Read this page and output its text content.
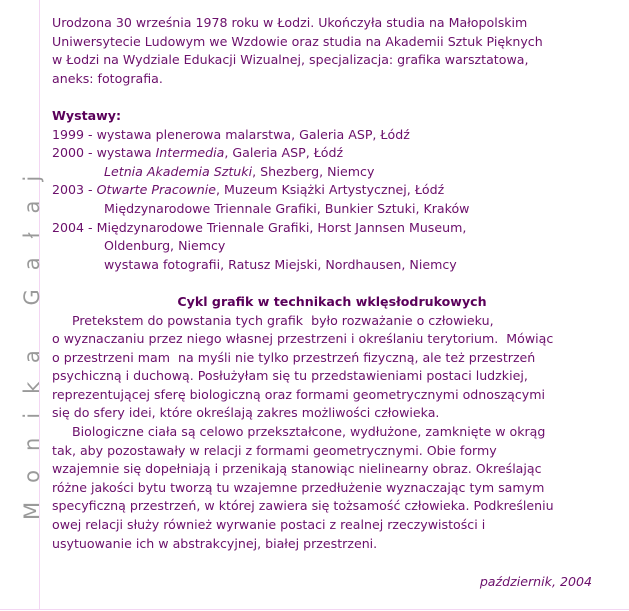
Monika Gałaj
Urodzona 30 września 1978 roku w Łodzi. Ukończyła studia na Małopolskim
Uniwersytecie Ludowym we Wzdowie oraz studia na Akademii Sztuk Pięknych
w Łodzi na Wydziale Edukacji Wizualnej, specjalizacja: grafika warsztatowa,
aneks: fotografia.
Wystawy:
1999 - wystawa plenerowa malarstwa, Galeria ASP, Łódź
2000 - wystawa Intermedia, Galeria ASP, Łódź
Letnia Akademia Sztuki, Shezberg, Niemcy
2003 - Otwarte Pracownie, Muzeum Książki Artystycznej, Łódź
Międzynarodowe Triennale Grafiki, Bunkier Sztuki, Kraków
2004 - Międzynarodowe Triennale Grafiki, Horst Jannsen Museum,
Oldenburg, Niemcy
wystawa fotografii, Ratusz Miejski, Nordhausen, Niemcy
Cykl grafik w technikach wklęsłodrukowych
Pretekstem do powstania tych grafik  było rozważanie o człowieku,
o wyznaczaniu przez niego własnej przestrzeni i określaniu terytorium.  Mówiąc
o przestrzeni mam  na myśli nie tylko przestrzeń fizyczną, ale też przestrzeń
psychiczną i duchową. Posłużyłam się tu przedstawieniami postaci ludzkiej,
reprezentującej sferę biologiczną oraz formami geometrycznymi odnoszącymi
się do sfery idei, które określają zakres możliwości człowieka.
Biologiczne ciała są celowo przekształcone, wydłużone, zamknięte w okrąg
tak, aby pozostawały w relacji z formami geometrycznymi. Obie formy
wzajemnie się dopełniają i przenikają stanowiąc nielinearny obraz. Określając
różne jakości bytu tworzą tu wzajemne przedłużenie wyznaczając tym samym
specyficzną przestrzeń, w której zawiera się tożsamość człowieka. Podkreśleniu
owej relacji służy również wyrwanie postaci z realnej rzeczywistości i
usytuowanie ich w abstrakcyjnej, białej przestrzeni.
październik, 2004
